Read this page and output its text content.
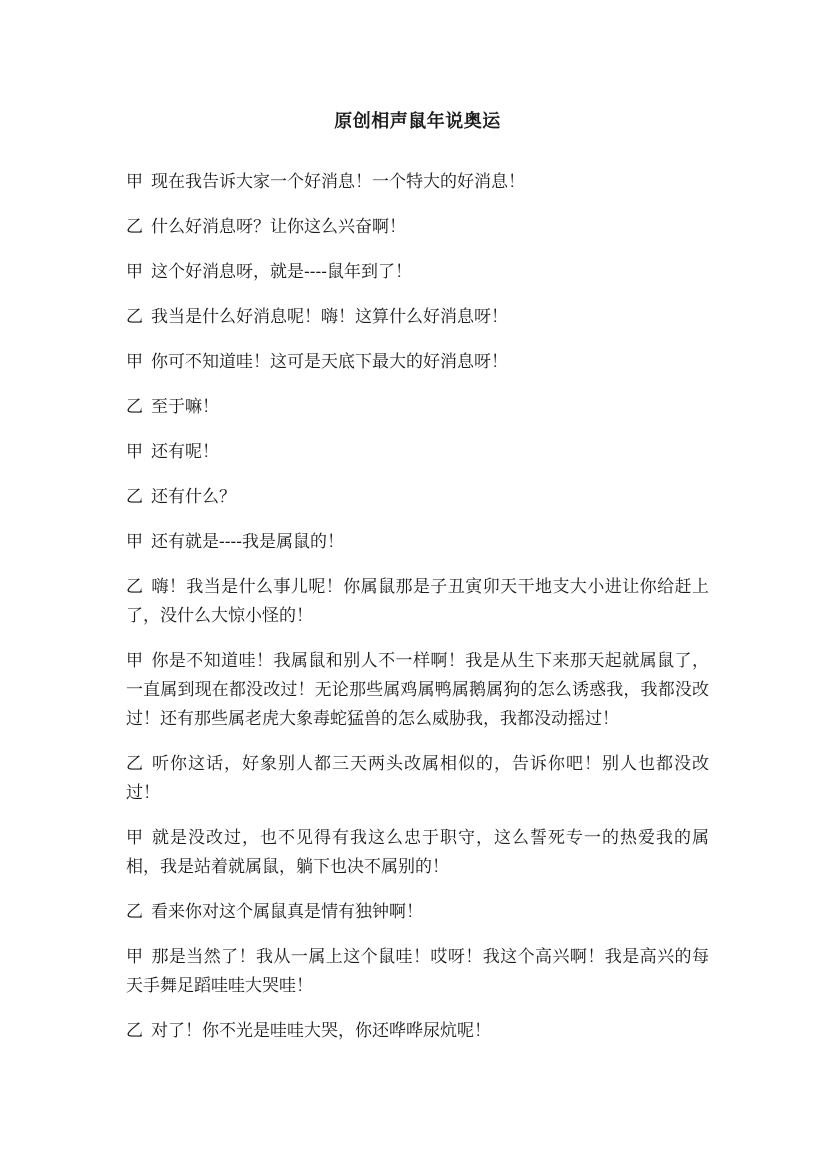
原创相声鼠年说奥运

甲 现在我告诉大家一个好消息！一个特大的好消息！

乙 什么好消息呀？让你这么兴奋啊！

甲 这个好消息呀，就是----鼠年到了！

乙 我当是什么好消息呢！嗨！这算什么好消息呀！

甲 你可不知道哇！这可是天底下最大的好消息呀！

乙 至于嘛！

甲 还有呢！

乙 还有什么？

甲 还有就是----我是属鼠的！

乙 嗨！我当是什么事儿呢！你属鼠那是子丑寅卯天干地支大小进让你给赶上了，没什么大惊小怪的！

甲 你是不知道哇！我属鼠和别人不一样啊！我是从生下来那天起就属鼠了，一直属到现在都没改过！无论那些属鸡属鸭属鹅属狗的怎么诱惑我，我都没改过！还有那些属老虎大象毒蛇猛兽的怎么威胁我，我都没动摇过！

乙 听你这话，好象别人都三天两头改属相似的，告诉你吧！别人也都没改过！

甲 就是没改过，也不见得有我这么忠于职守，这么誓死专一的热爱我的属相，我是站着就属鼠，躺下也决不属别的！

乙 看来你对这个属鼠真是情有独钟啊！

甲 那是当然了！我从一属上这个鼠哇！哎呀！我这个高兴啊！我是高兴的每天手舞足蹈哇哇大哭哇！

乙 对了！你不光是哇哇大哭，你还哗哗尿炕呢！
